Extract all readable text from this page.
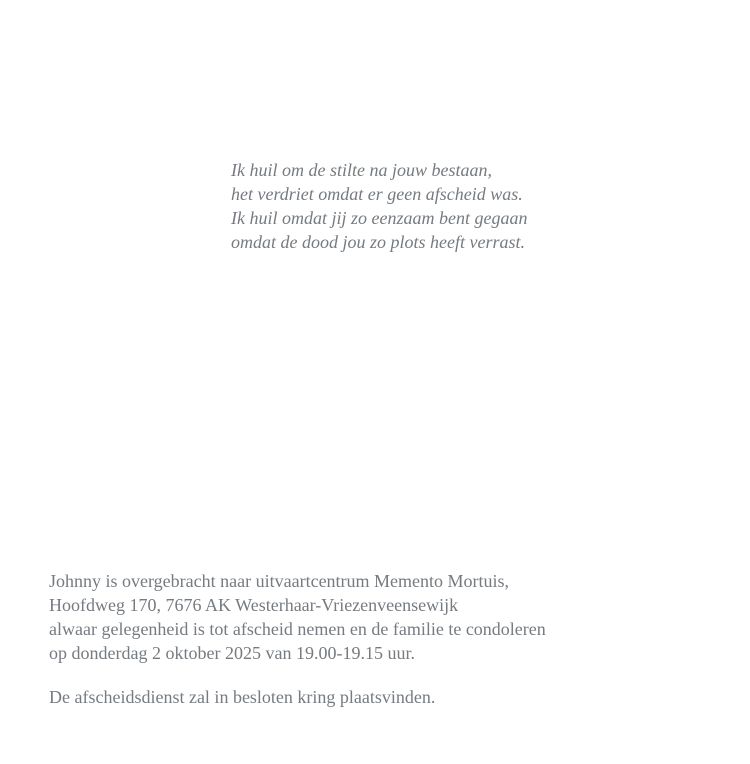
Ik huil om de stilte na jouw bestaan,
het verdriet omdat er geen afscheid was.
Ik huil omdat jij zo eenzaam bent gegaan
omdat de dood jou zo plots heeft verrast.
Johnny is overgebracht naar uitvaartcentrum Memento Mortuis,
Hoofdweg 170, 7676 AK Westerhaar-Vriezenveensewijk
alwaar gelegenheid is tot afscheid nemen en de familie te condoleren
op donderdag 2 oktober 2025 van 19.00-19.15 uur.
De afscheidsdienst zal in besloten kring plaatsvinden.
